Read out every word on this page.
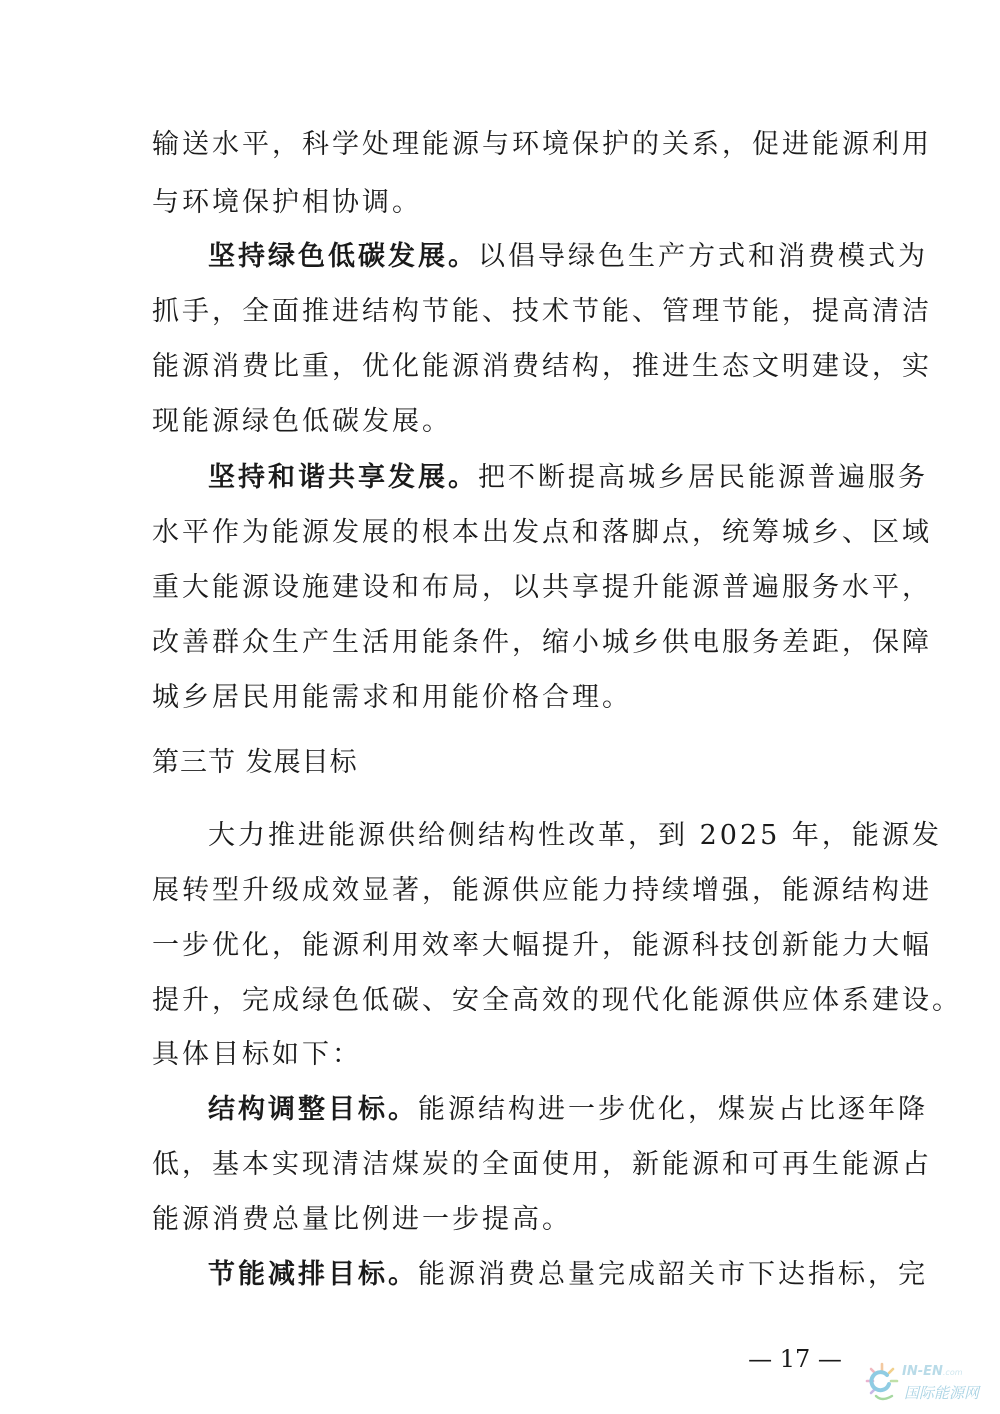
输送水平，科学处理能源与环境保护的关系，促进能源利用
与环境保护相协调。
坚持绿色低碳发展。以倡导绿色生产方式和消费模式为
抓手，全面推进结构节能、技术节能、管理节能，提高清洁
能源消费比重，优化能源消费结构，推进生态文明建设，实
现能源绿色低碳发展。
坚持和谐共享发展。把不断提高城乡居民能源普遍服务
水平作为能源发展的根本出发点和落脚点，统筹城乡、区域
重大能源设施建设和布局，以共享提升能源普遍服务水平，
改善群众生产生活用能条件，缩小城乡供电服务差距，保障
城乡居民用能需求和用能价格合理。
第三节 发展目标
大力推进能源供给侧结构性改革，到 2025 年，能源发
展转型升级成效显著，能源供应能力持续增强，能源结构进
一步优化，能源利用效率大幅提升，能源科技创新能力大幅
提升，完成绿色低碳、安全高效的现代化能源供应体系建设。
具体目标如下：
结构调整目标。能源结构进一步优化，煤炭占比逐年降
低，基本实现清洁煤炭的全面使用，新能源和可再生能源占
能源消费总量比例进一步提高。
节能减排目标。能源消费总量完成韶关市下达指标，完
— 17 —	IN-EN.com
国际能源网
